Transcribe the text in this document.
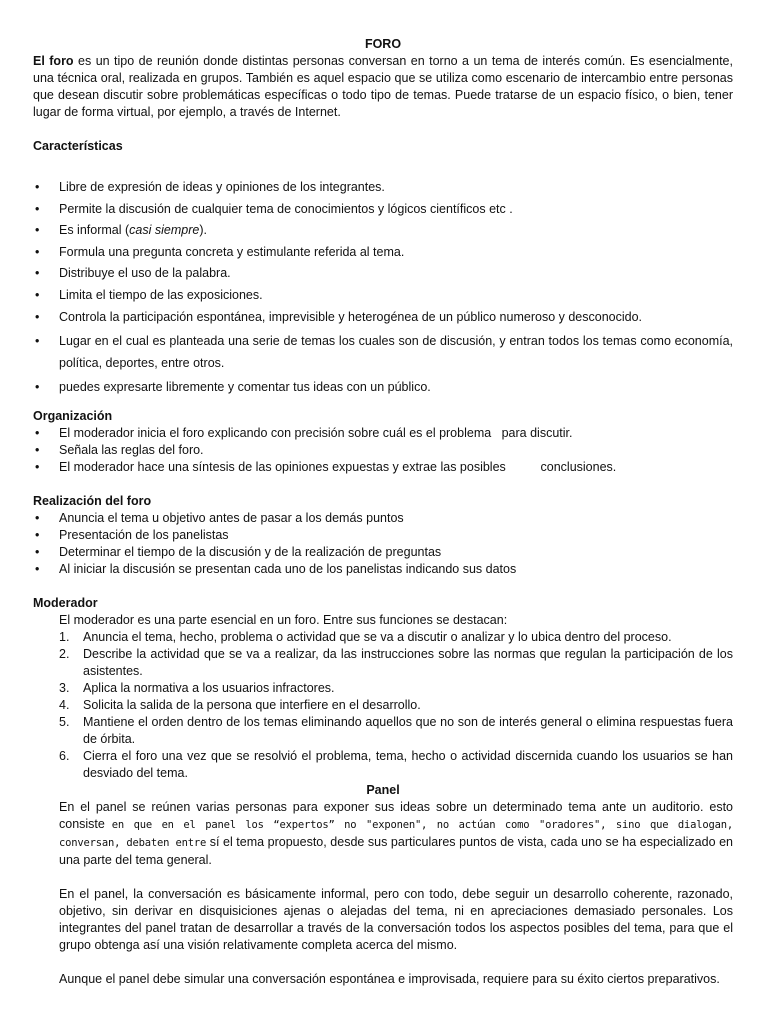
FORO

El foro es un tipo de reunión donde distintas personas conversan en torno a un tema de interés común. Es esencialmente, una técnica oral, realizada en grupos. También es aquel espacio que se utiliza como escenario de intercambio entre personas que desean discutir sobre problemáticas específicas o todo tipo de temas. Puede tratarse de un espacio físico, o bien, tener lugar de forma virtual, por ejemplo, a través de Internet.

Características
• Libre de expresión de ideas y opiniones de los integrantes.
• Permite la discusión de cualquier tema de conocimientos y lógicos científicos etc .
• Es informal (casi siempre).
• Formula una pregunta concreta y estimulante referida al tema.
• Distribuye el uso de la palabra.
• Limita el tiempo de las exposiciones.
• Controla la participación espontánea, imprevisible y heterogénea de un público numeroso y desconocido.
• Lugar en el cual es planteada una serie de temas los cuales son de discusión, y entran todos los temas como economía, política, deportes, entre otros.
• puedes expresarte libremente y comentar tus ideas con un público.
Organización
• El moderador inicia el foro explicando con precisión sobre cuál es el problema   para discutir.
• Señala las reglas del foro.
• El moderador hace una síntesis de las opiniones expuestas y extrae las posibles          conclusiones.
Realización del foro
• Anuncia el tema u objetivo antes de pasar a los demás puntos
• Presentación de los panelistas
• Determinar el tiempo de la discusión y de la realización de preguntas
• Al iniciar la discusión se presentan cada uno de los panelistas indicando sus datos
Moderador

El moderador es una parte esencial en un foro. Entre sus funciones se destacan:

1. Anuncia el tema, hecho, problema o actividad que se va a discutir o analizar y lo ubica dentro del proceso.
2. Describe la actividad que se va a realizar, da las instrucciones sobre las normas que regulan la participación de los asistentes.
3. Aplica la normativa a los usuarios infractores.
4. Solicita la salida de la persona que interfiere en el desarrollo.
5. Mantiene el orden dentro de los temas eliminando aquellos que no son de interés general o elimina respuestas fuera de órbita.
6. Cierra el foro una vez que se resolvió el problema, tema, hecho o actividad discernida cuando los usuarios se han desviado del tema.
Panel

En el panel se reúnen varias personas para exponer sus ideas sobre un determinado tema ante un auditorio. esto consiste en que en el panel los “expertos” no "exponen", no actúan como "oradores", sino que dialogan, conversan, debaten entre sí el tema propuesto, desde sus particulares puntos de vista, cada uno se ha especializado en una parte del tema general.

En el panel, la conversación es básicamente informal, pero con todo, debe seguir un desarrollo coherente, razonado, objetivo, sin derivar en disquisiciones ajenas o alejadas del tema, ni en apreciaciones demasiado personales. Los integrantes del panel tratan de desarrollar a través de la conversación todos los aspectos posibles del tema, para que el grupo obtenga así una visión relativamente completa acerca del mismo.

Aunque el panel debe simular una conversación espontánea e improvisada, requiere para su éxito ciertos preparativos.
